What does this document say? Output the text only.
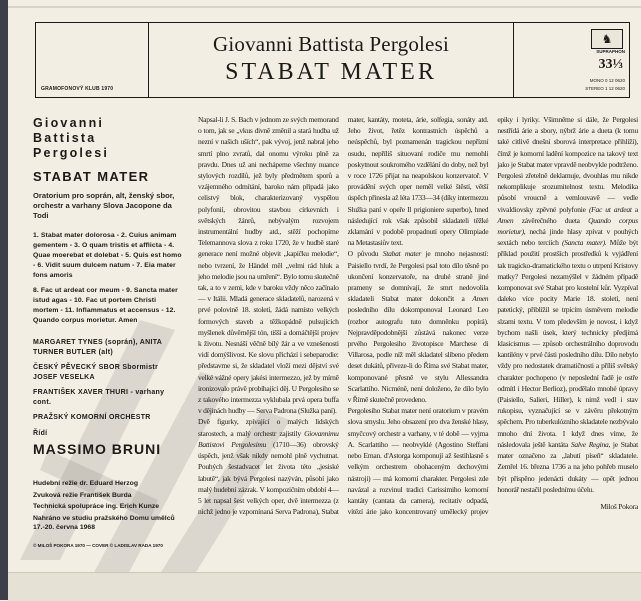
GRAMOFONOVÝ KLUB 1970
Giovanni Battista Pergolesi
STABAT MATER
♞
SUPRAPHON
33⅓
MONO 0 12 0620
STEREO 1 12 0620
Giovanni
Battista
Pergolesi
STABAT MATER
Oratorium pro soprán, alt, ženský sbor, orchestr a varhany Slova Jacopone da Todi
1. Stabat mater dolorosa - 2. Cuius animam gementem - 3. O quam tristis et afflicta - 4. Quae moerebat et dolebat - 5. Quis est homo - 6. Vidit suum dulcem natum - 7. Eia mater fons amoris
8. Fac ut ardeat cor meum - 9. Sancta mater istud agas - 10. Fac ut portem Christi mortem - 11. Inflammatus et accensus - 12. Quando corpus morietur. Amen
MARGARET TYNES (soprán), ANITA TURNER BUTLER (alt)
ČESKÝ PĚVECKÝ SBOR Sbormistr JOSEF VESELKA
FRANTIŠEK XAVER THURI - varhany cont.
PRAŽSKÝ KOMORNÍ ORCHESTR
Řídí
MASSIMO BRUNI
Hudební režie dr. Eduard Herzog
Zvuková režie František Burda
Technická spolupráce ing. Erich Kunze
Nahráno ve studiu pražského Domu umělců 17.-20. června 1968
© MILOŠ POKORA 1970 — COVER © LADISLAV RADA 1970

Napsal-li J. S. Bach v jednom ze svých memorand o tom, jak se „vkus divně změnil a stará hudba už nezní v našich uších“, pak vývoj, jenž nabral jeho smrtí plno zvratů, dal onomu výroku plně za pravdu. Dnes už ani nechápeme všechny nuance stylových rozdílů, jež byly předmětem sporů a vzájemného odmítání, baroko nám připadá jako celistvý blok, charakterizovaný vyspělou polyfonií, obrovitou stavbou církevních i světských žánrů, nebývalým rozvojem instrumentální hudby atd., stěží pochopíme Telemannova slova z roku 1720, že v hudbě staré generace není možné objevit „kapičku melodie“, nebo tvrzení, že Händel měl „velmi rád hluk a jeho melodie jsou na umření“. Bylo tomu skutečně tak, a to v zemi, kde v baroku vždy něco začínalo — v Itálii. Mladá generace skladatelů, narozená v prvé polovině 18. století, žádá namísto velkých formových staveb a těžkopádně pulsujících myšlenek důvěrnější tón, tišší a domáčtější projev k životu. Nesnáší věčně bílý žár a ve vznešenosti vidí domýšlivost. Ke slovu přichází i sebeparodie: představme si, že skladatel vloží mezi dějství své velké vážné opery jakési intermezzo, jež by mírně ironizovalo právě probíhající děj. U Pergolesiho se z takového intermezza vyklubala prvá opera buffa v dějinách hudby — Serva Padrona (Služka paní).

Dvě figurky, zpívající o malých lidských starostech, a malý orchestr zajistily Giovannimu Battistovi Pergolesimu (1710—36) obrovský úspěch, jenž však nikdy nemohl plně vychutnat. Pouhých šestadvacet let života této „jesiské labutě“, jak bývá Pergolesi nazýván, působí jako malý hudební zázrak. V kompozičním období 4—5 let napsal šest velkých oper, dvě intermezza (z nichž jedno je vzpomínaná Serva Padrona), Stabat mater, kantáty, moteta, árie, solfegia, sonáty atd. Jeho život, řetěz kontrastních úspěchů a neúspěchů, byl poznamenán tragickou nepřízní osudu, nepříliš situovaní rodiče mu nemohli poskytnout soukromého vzdělání do doby, než byl v roce 1726 přijat na neapolskou konzervatoř. V provádění svých oper neměl velké štěstí, větší úspěch přinesla až léta 1733—34 (díky intermezzu Služka paní v opeře Il prigioniere superbo), hned následující rok však způsobil skladateli těžké zklamání v podobě propadnutí opery Olimpiade na Metastasiův text.

O původu Stabat mater je mnoho nejasností: Paisiello tvrdí, že Pergolesi psal toto dílo těsně po ukončení konzervatoře, na druhé straně jiné prameny se domnívají, že smrt nedovolila skladateli Stabat mater dokončit a Amen posledního dílu dokomponoval Leonard Leo (rozbor autografu tuto domněnku popírá). Nejpravděpodobnější zůstává nakonec verze prvého Pergolesiho životopisce Marchese di Villarosa, podle níž měl skladatel slíbeno předem deset dukátů, přiveze-li do Říma své Stabat mater, komponované přesně ve stylu Allessandra Scarlattiho. Nicméně, není doloženo, že dílo bylo v Římě skutečně provedeno.

Pergolesiho Stabat mater není oratorium v pravém slova smyslu. Jeho obsazení pro dva ženské hlasy, smyčcový orchestr a varhany, v té době — vyjma A. Scarlattiho — neobvyklé (Agostino Steffani nebo Eman. d'Astorga komponují až šestihlasně s velkým orchestrem obohaceným dechovými nástroji) — má komorní charakter. Pergolesi zde navázal a rozvinul tradici Carissimiho komorní kantáty (cantata da camera), recitativ odpadá, vítězí árie jako koncentrovaný umělecký projev epiky i lyriky. Všimněme si dále, že Pergolesi nestřídá árie a sbory, nýbrž árie a dueta (k tomu také citlivě dnešní sborová interpretace přihlíží), čímž je komorní ladění kompozice na takový text jako je Stabat mater vpravdě neobvykle podtrženo. Pergolesi zřetelně deklamuje, dvouhlas mu nikde nekomplikuje srozumitelnost textu. Melodika působí vroucně a vemlouvavě — vedle vivaldiovsky zpěvné polyfonie (Fac ut ardeat a Amen závěrečného dueta Quando corpus morietur), nechá jinde hlasy zpívat v pouhých sextách nebo terciích (Sancta mater). Může být příklad použití prostších prostředků k vyjádření tak tragicko-dramatického textu o utrpení Kristovy matky? Pergolesi nezamýšlel v žádném případě komponovat své Stabat pro kostelní kůr. Vyzpíval daleko více pocity Marie 18. století, není patetický, přiblížil se trpícím úsměvem melodie slzami textu. V tom především je novost, i když bychom našli úsek, který technicky předjímá klasicismus — způsob orchestrálního doprovodu kantilény v prvé části posledního dílu. Dílo nebylo vždy pro nedostatek dramatičnosti a příliš světský charakter pochopeno (v neposlední řadě je ostře odmítl i Hector Berlioz), prodělalo mnohé úpravy (Paisiello, Salieri, Hiller), k nimž vedl i stav rukopisu, vyznačující se v závěru překotným spěchem. Pro tuberkulózního skladatele nezbývalo mnoho dní života. I když dnes víme, že následovala ještě kantáta Salve Regina, je Stabat mater označeno za „labutí píseň“ skladatele. Zemřel 16. března 1736 a na jeho pohřeb muselo být přispěno jedenácti dukáty — opět jednou honorář nestačil poslednímu účelu.

Miloš Pokora
